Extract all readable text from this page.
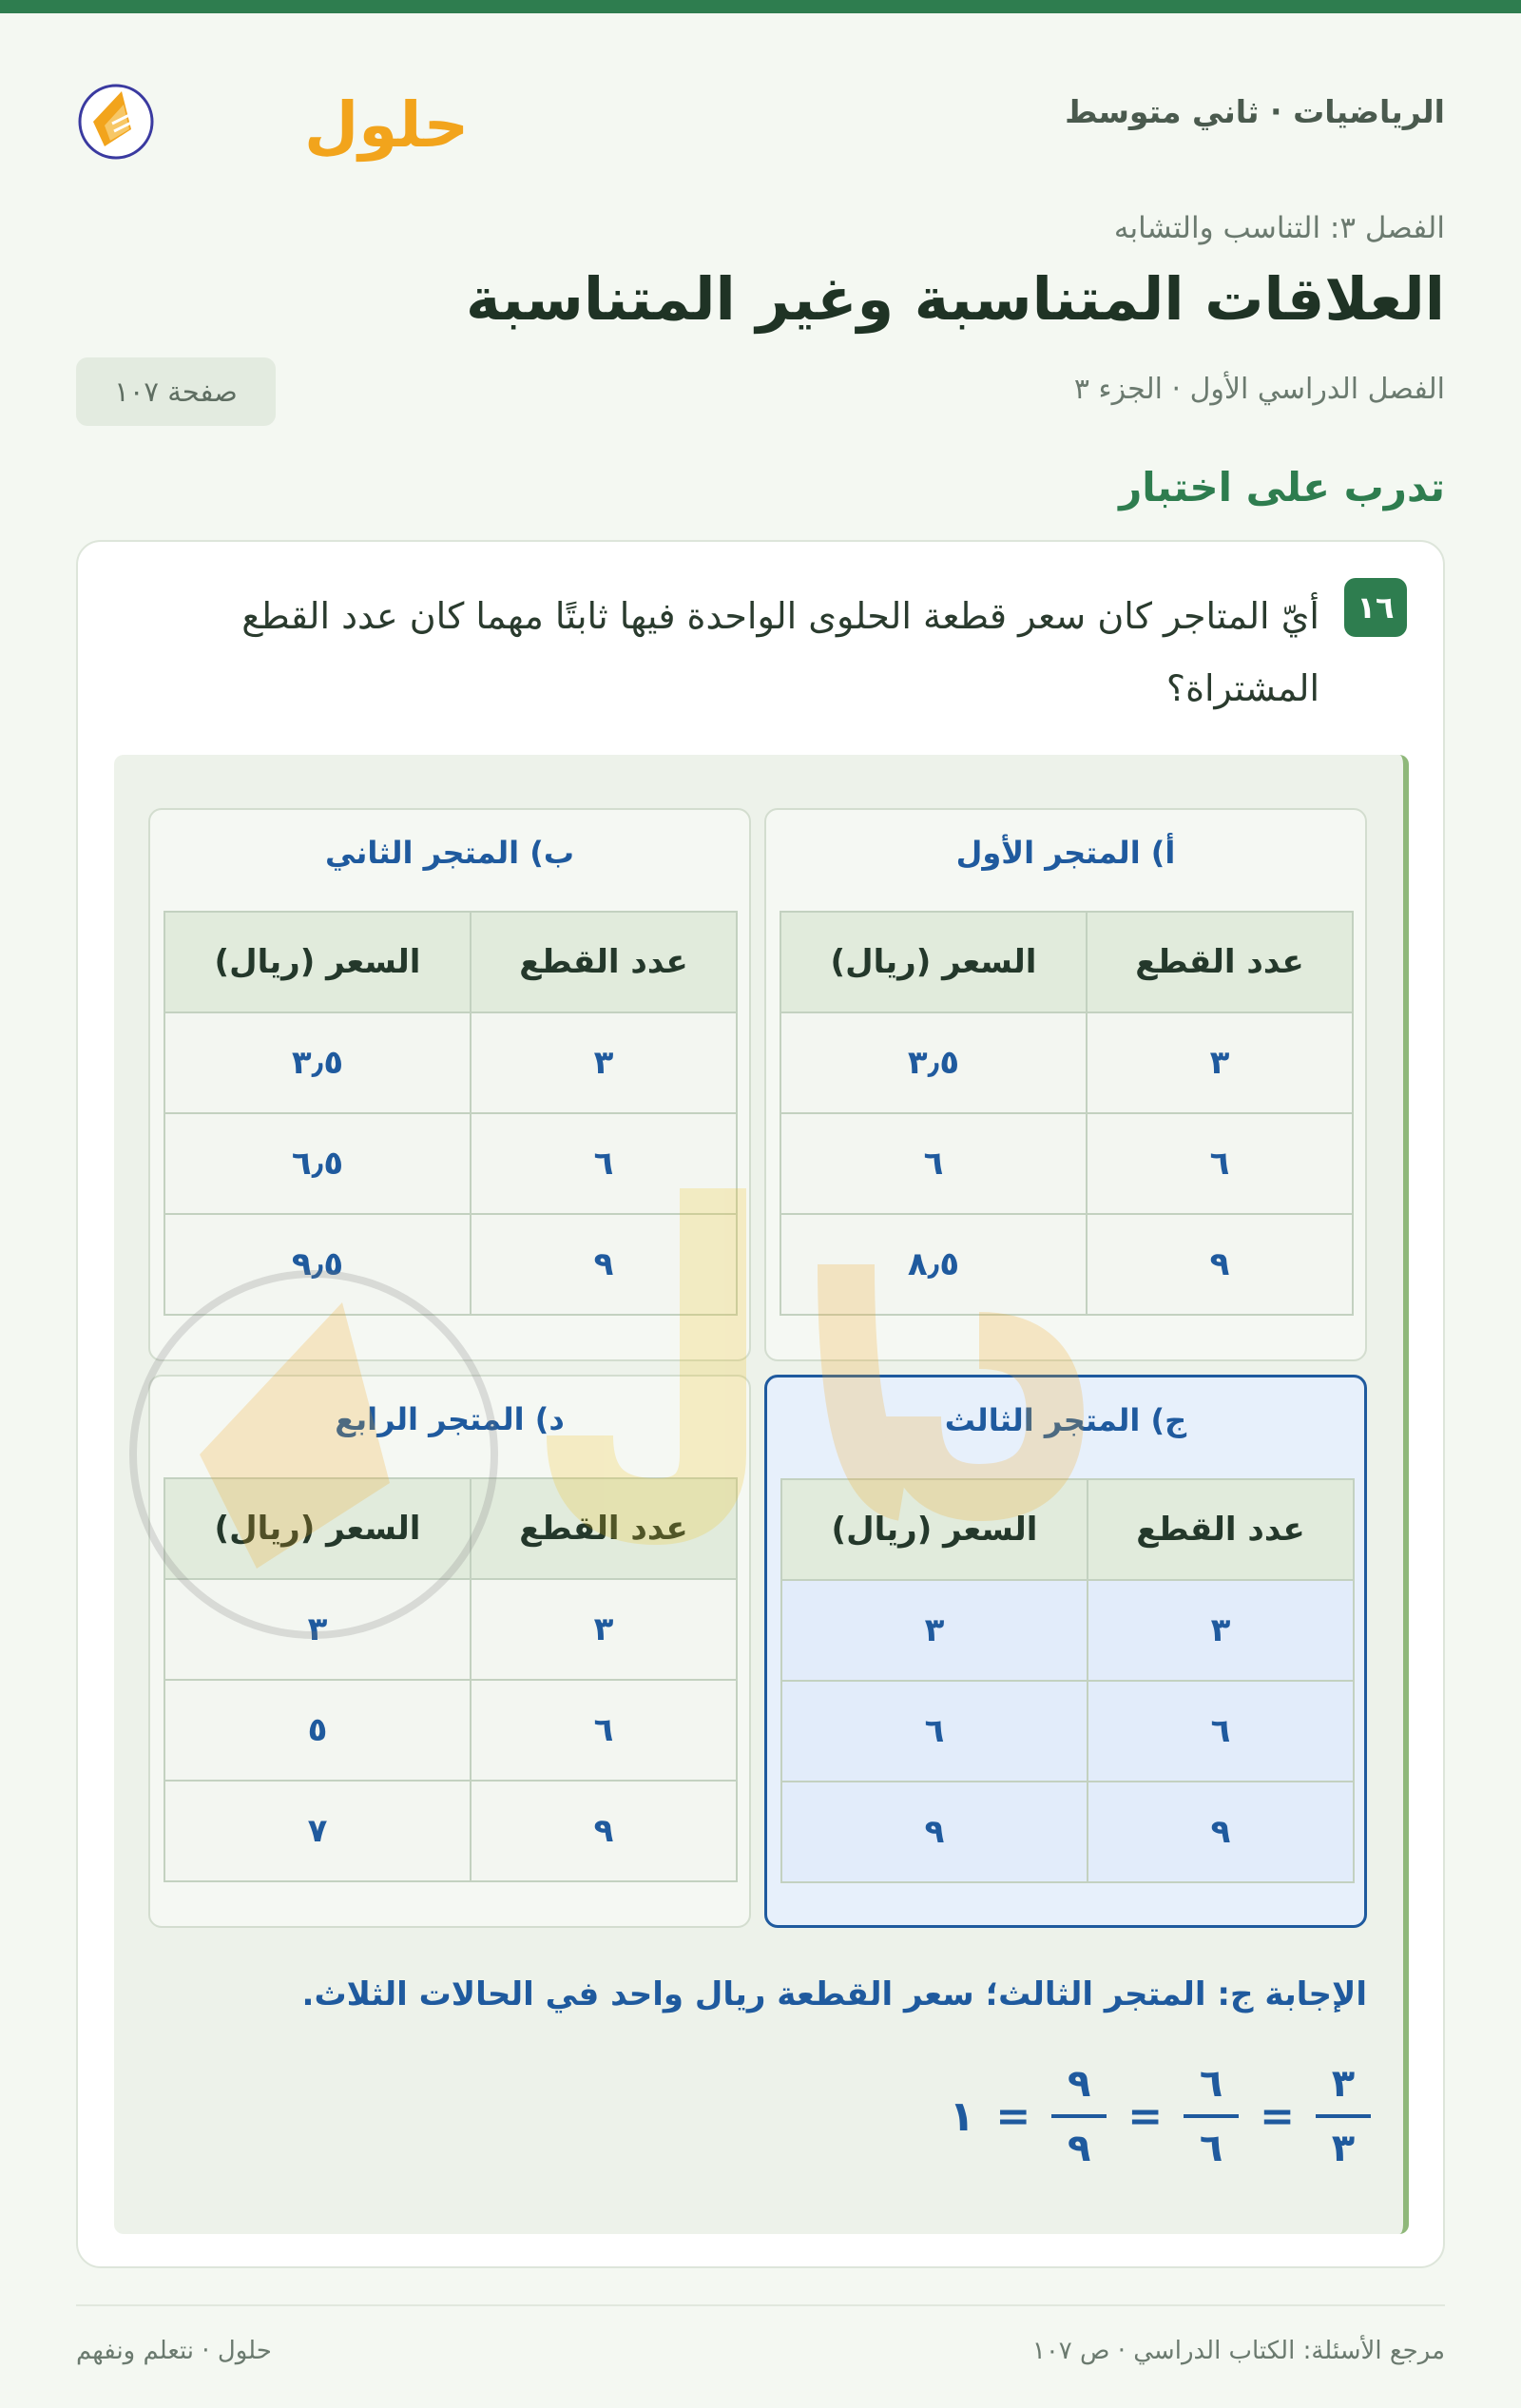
الرياضيات · ثاني متوسط
حلول
الفصل ٣: التناسب والتشابه
العلاقات المتناسبة وغير المتناسبة
الفصل الدراسي الأول · الجزء ٣
صفحة ١٠٧
تدرب على اختبار
١٦
أيّ المتاجر كان سعر قطعة الحلوى الواحدة فيها ثابتًا مهما كان عدد القطع المشتراة؟
أ) المتجر الأول
عدد القطع	السعر (ريال)
٣	٣٫٥
٦	٦
٩	٨٫٥
ب) المتجر الثاني
عدد القطع	السعر (ريال)
٣	٣٫٥
٦	٦٫٥
٩	٩٫٥
ج) المتجر الثالث
عدد القطع	السعر (ريال)
٣	٣
٦	٦
٩	٩
د) المتجر الرابع
عدد القطع	السعر (ريال)
٣	٣
٦	٥
٩	٧
الإجابة ج: المتجر الثالث؛ سعر القطعة ريال واحد في الحالات الثلاث.
$\frac{٣}{٣}$
=
$\frac{٦}{٦}$
=
$\frac{٩}{٩}$
=
١
مرجع الأسئلة: الكتاب الدراسي · ص ١٠٧
حلول · نتعلم ونفهم
